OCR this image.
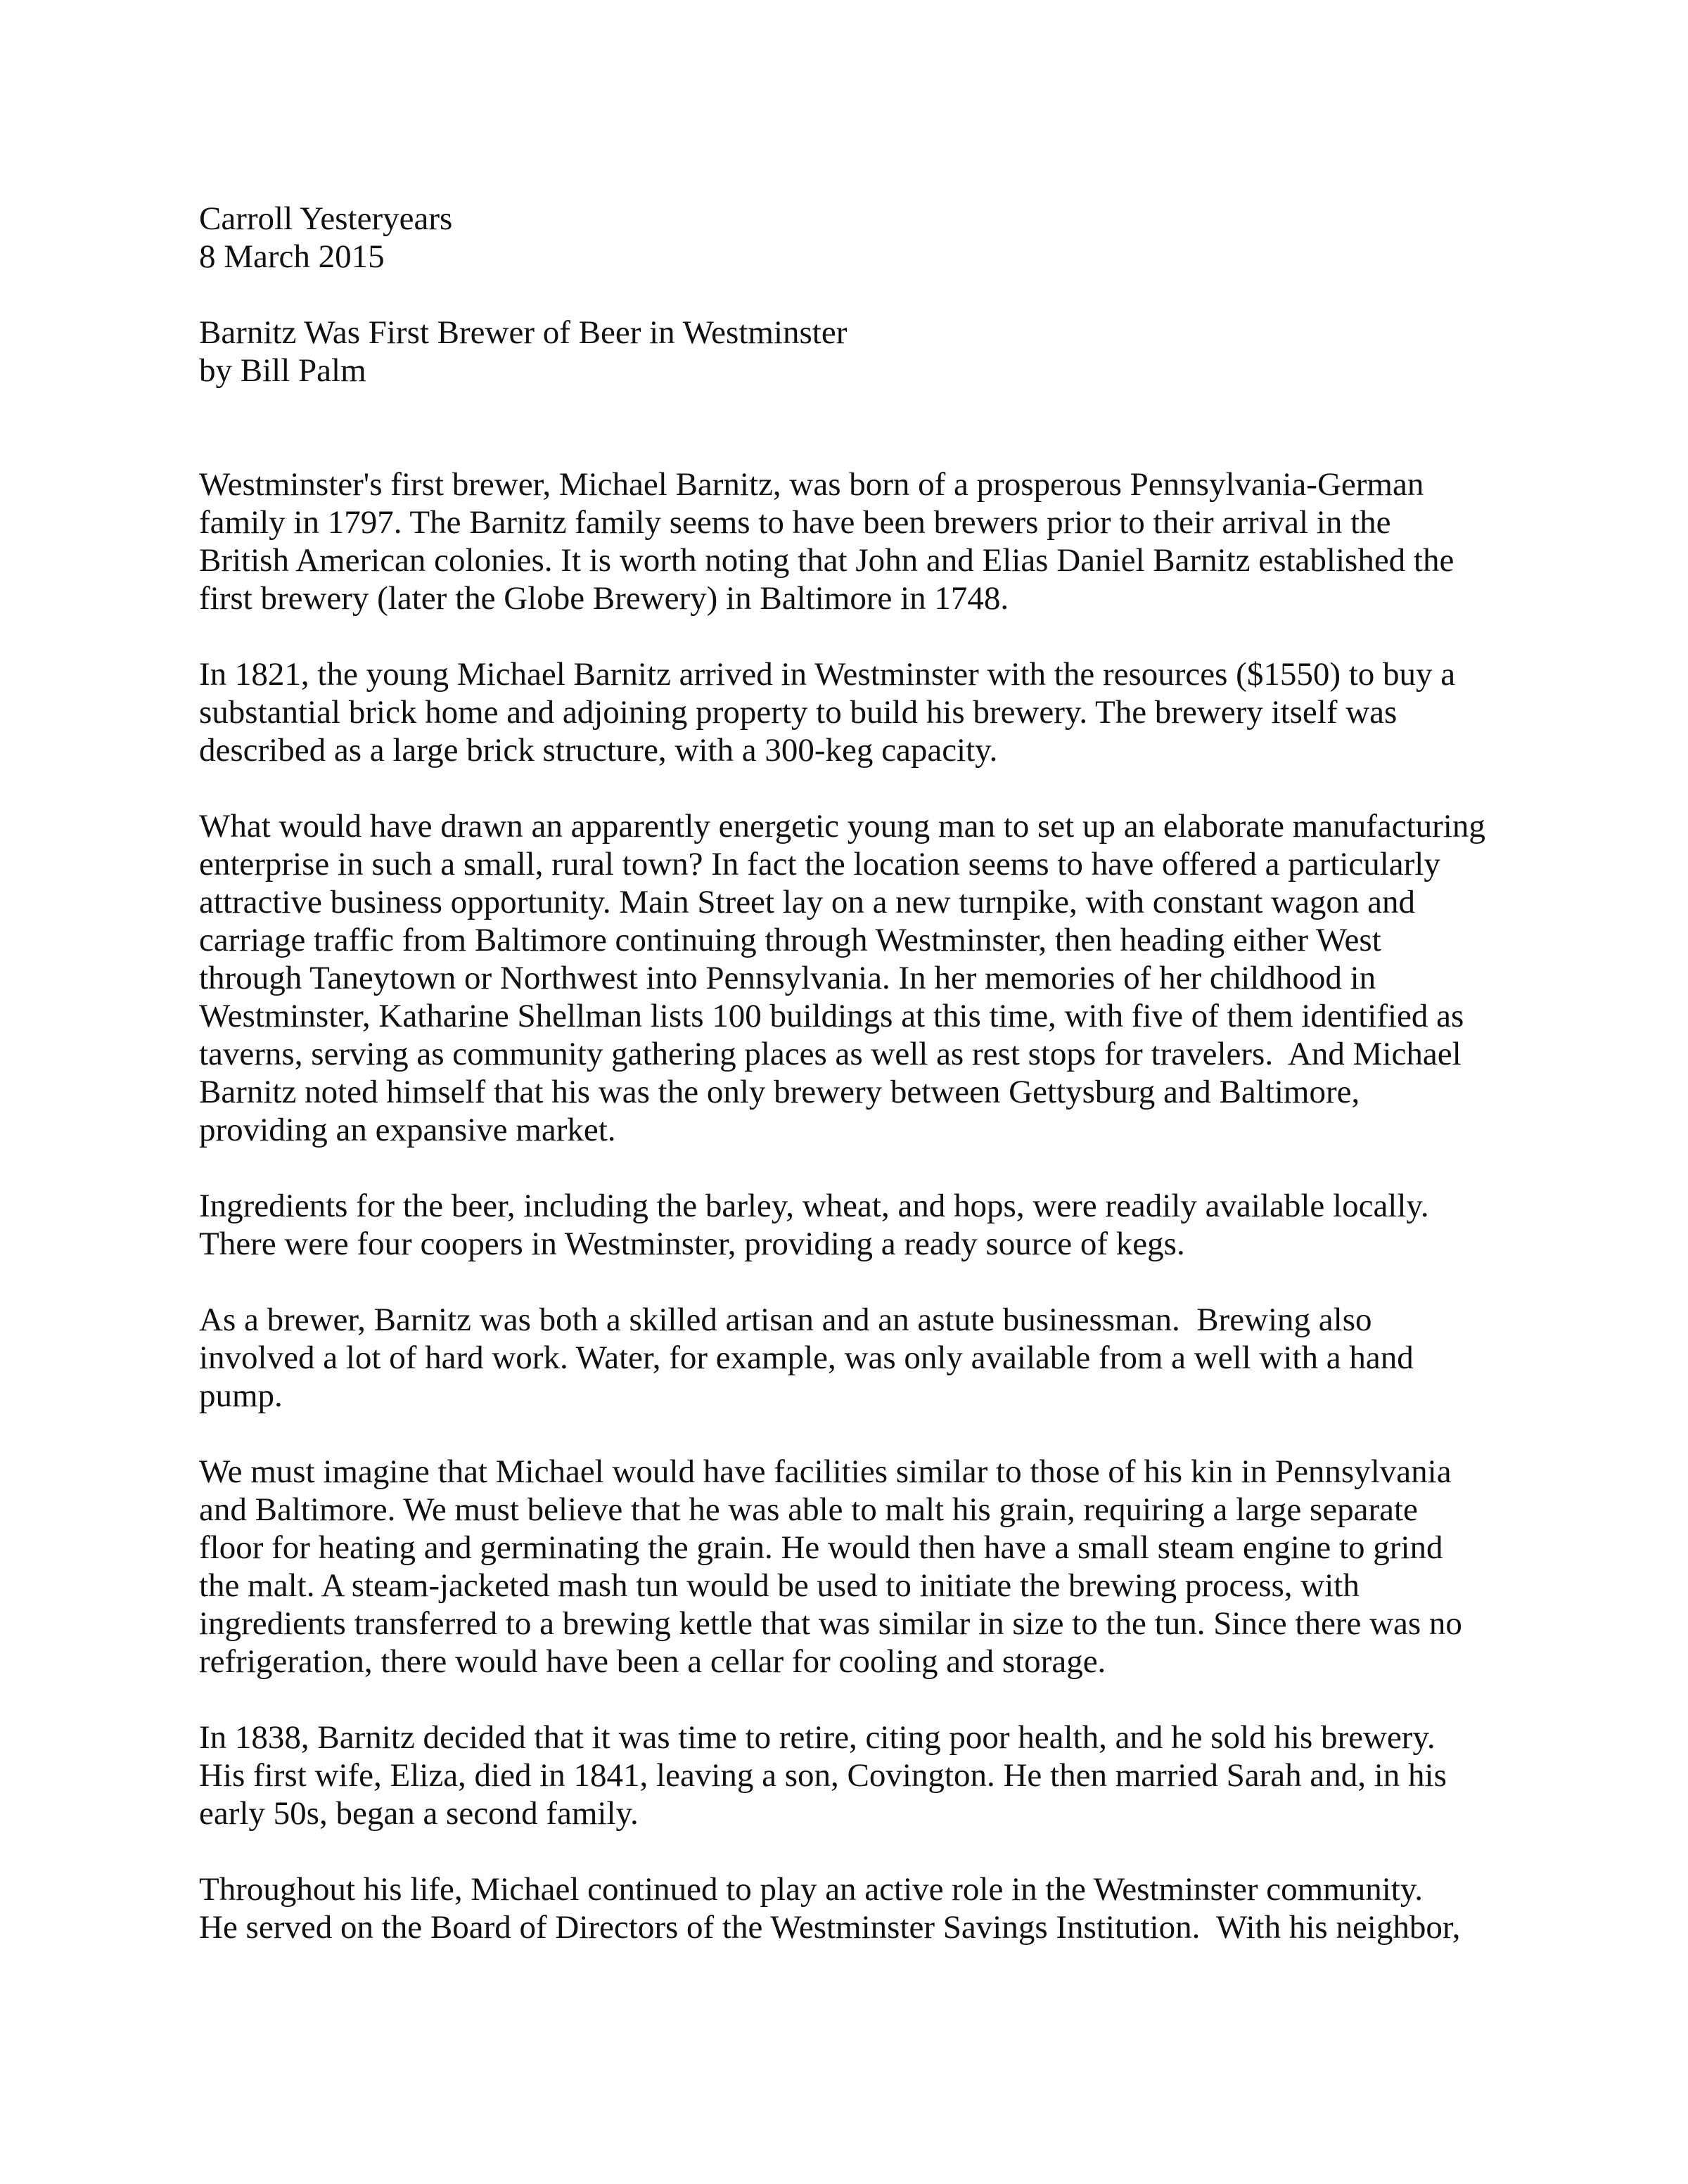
Carroll Yesteryears
8 March 2015
Barnitz Was First Brewer of Beer in Westminster
by Bill Palm
Westminster's first brewer, Michael Barnitz, was born of a prosperous Pennsylvania-German
family in 1797. The Barnitz family seems to have been brewers prior to their arrival in the
British American colonies. It is worth noting that John and Elias Daniel Barnitz established the
first brewery (later the Globe Brewery) in Baltimore in 1748.
In 1821, the young Michael Barnitz arrived in Westminster with the resources ($1550) to buy a
substantial brick home and adjoining property to build his brewery. The brewery itself was
described as a large brick structure, with a 300-keg capacity.
What would have drawn an apparently energetic young man to set up an elaborate manufacturing
enterprise in such a small, rural town? In fact the location seems to have offered a particularly
attractive business opportunity. Main Street lay on a new turnpike, with constant wagon and
carriage traffic from Baltimore continuing through Westminster, then heading either West
through Taneytown or Northwest into Pennsylvania. In her memories of her childhood in
Westminster, Katharine Shellman lists 100 buildings at this time, with five of them identified as
taverns, serving as community gathering places as well as rest stops for travelers.  And Michael
Barnitz noted himself that his was the only brewery between Gettysburg and Baltimore,
providing an expansive market.
Ingredients for the beer, including the barley, wheat, and hops, were readily available locally.
There were four coopers in Westminster, providing a ready source of kegs.
As a brewer, Barnitz was both a skilled artisan and an astute businessman.  Brewing also
involved a lot of hard work. Water, for example, was only available from a well with a hand
pump.
We must imagine that Michael would have facilities similar to those of his kin in Pennsylvania
and Baltimore. We must believe that he was able to malt his grain, requiring a large separate
floor for heating and germinating the grain. He would then have a small steam engine to grind
the malt. A steam-jacketed mash tun would be used to initiate the brewing process, with
ingredients transferred to a brewing kettle that was similar in size to the tun. Since there was no
refrigeration, there would have been a cellar for cooling and storage.
In 1838, Barnitz decided that it was time to retire, citing poor health, and he sold his brewery.
His first wife, Eliza, died in 1841, leaving a son, Covington. He then married Sarah and, in his
early 50s, began a second family.
Throughout his life, Michael continued to play an active role in the Westminster community.
He served on the Board of Directors of the Westminster Savings Institution.  With his neighbor,
